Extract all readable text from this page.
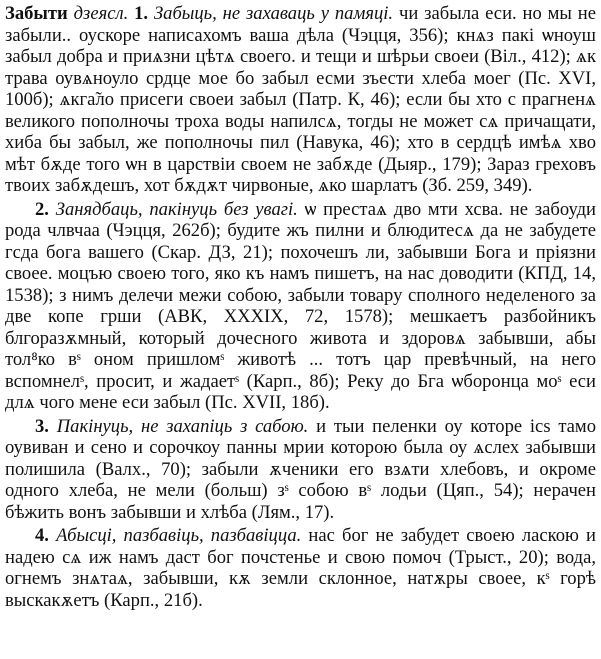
Забыти дзеясл. 1. Забыць, не захаваць у памяці. чи забыла еси. но мы не забыли.. оускоре написахомъ ваша дѣла (Чэцця, 356); кнѧз пакі ѡноуш забыл добра и приѧзни цѣтѧ своего. и тещи и шѣрьи своеи (Віл., 412); ѧк трава оувѧноуло срдце мое бо забыл есми зъести хлеба моег (Пс. XVI, 100б); ѧкга̃ло присеги своеи забыл (Патр. К, 46); если бы хто с прагненѧ великого пополночы троха воды напилсѧ, тогды не может сѧ причащати, хиба бы забыл, же пополночы пил (Навука, 46); хто в сердцѣ имѣѧ хво мѣт бѫде того ѡн в царствіи своем не забѫде (Дыяр., 179); Зараз греховъ твоих забѫдешъ, хот бѫдѫт чирвоные, ѧко шарлатъ (Зб. 259, 349).

2. Занядбаць, пакінуць без увагі. ѡ престаѧ дво мти хсва. не забоуди рода члвчаа (Чэцця, 262б); будите жъ пилни и блюдитесѧ да не забудете гсда бога вашего (Скар. ДЗ, 21); похочешъ ли, забывши Бога и пріязни своее. моцъю своею того, яко къ намъ пишетъ, на нас доводити (КПД, 14, 1538); з нимъ делечи межи собою, забыли товару сполного неделеного за две копе грши (АВК, XXXIX, 72, 1578); мешкаетъ разбойникъ блгоразѫмный, который дочесного живота и здоровѧ забывши, абы тол⁸ко вˢ оном пришломˢ животѣ ... тотъ цар превѣчный, на него вспомнелˢ, просит, и жадаетˢ (Карп., 8б); Реку до Бга ѡборонца моˢ еси длѧ чого мене еси забыл (Пс. XVII, 18б).

3. Пакінуць, не захапіць з сабою. и тыи пеленки оу которе ісѕ тамо оувиван и сено и сорочкоу панны мрии которою была оу ѧслех забывши полишила (Валх., 70); забыли ѫченики его взѧти хлебовъ, и окроме одного хлеба, не мели (больш) зˢ собою вˢ лодьи (Цяп., 54); нерачен бѣжить вонъ забывши и хлѣба (Лям., 17).

4. Абысці, пазбавіць, пазбавіцца. нас бог не забудет своею ласкою и надею сѧ иж намъ даст бог почстенье и свою помоч (Трыст., 20); вода, огнемъ знѧтаѧ, забывши, кѫ земли склонное, натѫры своее, кˢ горѣ выскакѫетъ (Карп., 21б).
